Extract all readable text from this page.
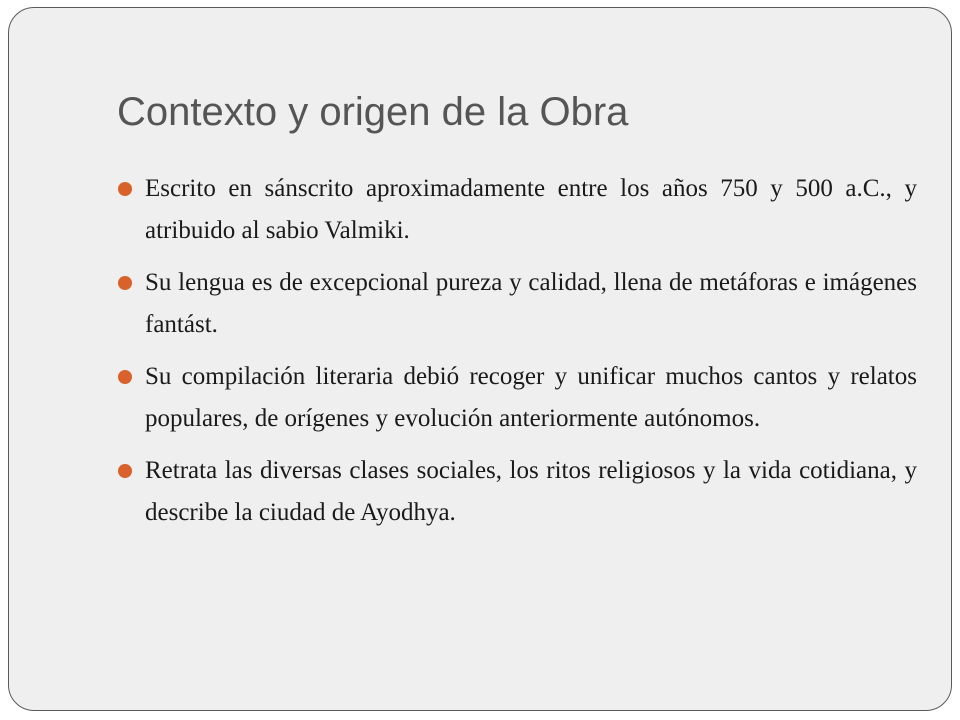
Contexto y origen de la Obra
Escrito en sánscrito aproximadamente entre los años 750 y 500 a.C., y atribuido al sabio Valmiki.
Su lengua es de excepcional pureza y calidad, llena de metáforas e imágenes fantást.
Su compilación literaria debió recoger y unificar muchos cantos y relatos populares, de orígenes y evolución anteriormente autónomos.
Retrata las diversas clases sociales, los ritos religiosos y la vida cotidiana, y describe la ciudad de Ayodhya.
